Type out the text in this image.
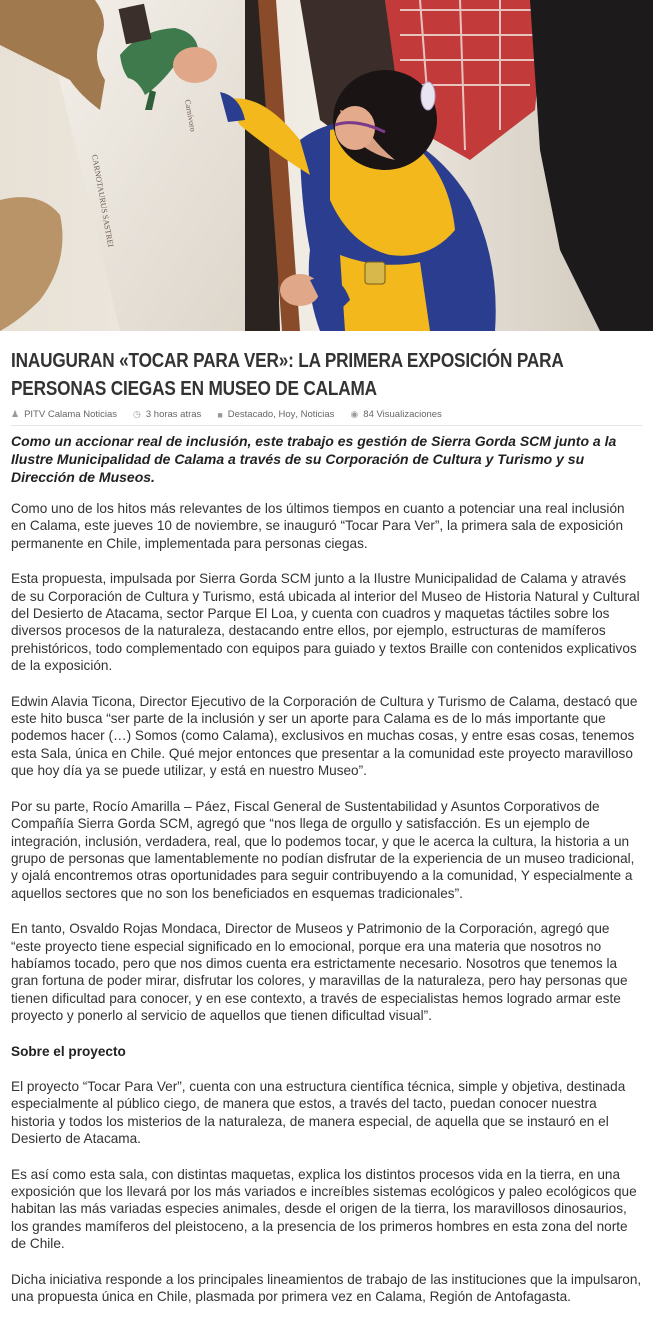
CARNOTAURUS SASTREI
Carnívoro
INAUGURAN «TOCAR PARA VER»: LA PRIMERA EXPOSICIÓN PARA PERSONAS CIEGAS EN MUSEO DE CALAMA
♟ PITV Calama Noticias ◷ 3 horas atras ■ Destacado , Hoy , Noticias ◉ 84 Visualizaciones

Como un accionar real de inclusión, este trabajo es gestión de Sierra Gorda SCM junto a la Ilustre Municipalidad de Calama a través de su Corporación de Cultura y Turismo y su Dirección de Museos.

Como uno de los hitos más relevantes de los últimos tiempos en cuanto a potenciar una real inclusión en Calama, este jueves 10 de noviembre, se inauguró “Tocar Para Ver”, la primera sala de exposición permanente en Chile, implementada para personas ciegas.

Esta propuesta, impulsada por Sierra Gorda SCM junto a la Ilustre Municipalidad de Calama y através de su Corporación de Cultura y Turismo, está ubicada al interior del Museo de Historia Natural y Cultural del Desierto de Atacama, sector Parque El Loa, y cuenta con cuadros y maquetas táctiles sobre los diversos procesos de la naturaleza, destacando entre ellos, por ejemplo, estructuras de mamíferos prehistóricos, todo complementado con equipos para guiado y textos Braille con contenidos explicativos de la exposición.

Edwin Alavia Ticona, Director Ejecutivo de la Corporación de Cultura y Turismo de Calama, destacó que este hito busca “ser parte de la inclusión y ser un aporte para Calama es de lo más importante que podemos hacer (…) Somos (como Calama), exclusivos en muchas cosas, y entre esas cosas, tenemos esta Sala, única en Chile. Qué mejor entonces que presentar a la comunidad este proyecto maravilloso que hoy día ya se puede utilizar, y está en nuestro Museo”.

Por su parte, Rocío Amarilla – Páez, Fiscal General de Sustentabilidad y Asuntos Corporativos de Compañía Sierra Gorda SCM, agregó que “nos llega de orgullo y satisfacción. Es un ejemplo de integración, inclusión, verdadera, real, que lo podemos tocar, y que le acerca la cultura, la historia a un grupo de personas que lamentablemente no podían disfrutar de la experiencia de un museo tradicional, y ojalá encontremos otras oportunidades para seguir contribuyendo a la comunidad, Y especialmente a aquellos sectores que no son los beneficiados en esquemas tradicionales”.

En tanto, Osvaldo Rojas Mondaca, Director de Museos y Patrimonio de la Corporación, agregó que “este proyecto tiene especial significado en lo emocional, porque era una materia que nosotros no habíamos tocado, pero que nos dimos cuenta era estrictamente necesario. Nosotros que tenemos la gran fortuna de poder mirar, disfrutar los colores, y maravillas de la naturaleza, pero hay personas que tienen dificultad para conocer, y en ese contexto, a través de especialistas hemos logrado armar este proyecto y ponerlo al servicio de aquellos que tienen dificultad visual”.

Sobre el proyecto

El proyecto “Tocar Para Ver”, cuenta con una estructura científica técnica, simple y objetiva, destinada especialmente al público ciego, de manera que estos, a través del tacto, puedan conocer nuestra historia y todos los misterios de la naturaleza, de manera especial, de aquella que se instauró en el Desierto de Atacama.

Es así como esta sala, con distintas maquetas, explica los distintos procesos vida en la tierra, en una exposición que los llevará por los más variados e increíbles sistemas ecológicos y paleo ecológicos que habitan las más variadas especies animales, desde el origen de la tierra, los maravillosos dinosaurios, los grandes mamíferos del pleistoceno, a la presencia de los primeros hombres en esta zona del norte de Chile.

Dicha iniciativa responde a los principales lineamientos de trabajo de las instituciones que la impulsaron, una propuesta única en Chile, plasmada por primera vez en Calama, Región de Antofagasta.
